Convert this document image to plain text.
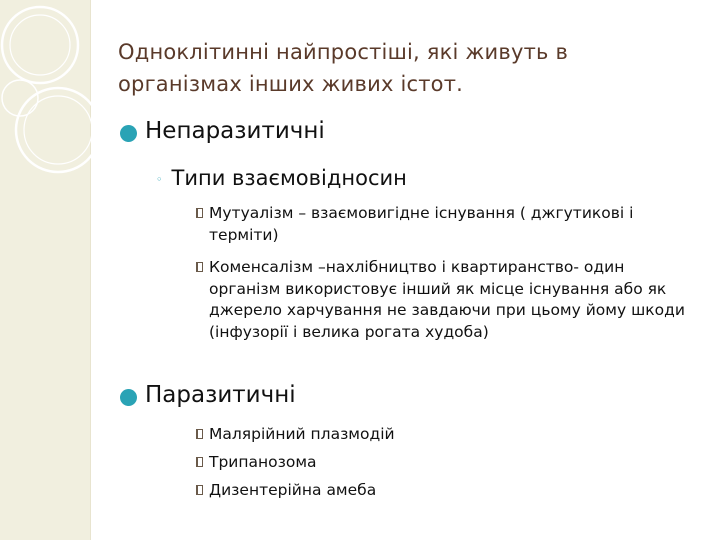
Одноклітинні найпростіші, які живуть в організмах інших живих істот.
Непаразитичні
◦ Типи взаємовідносин
Мутуалізм – взаємовигідне існування ( джгутикові і терміти)
Коменсалізм –нахлібництво і квартиранство- один організм використовує інший як місце існування або як джерело харчування не завдаючи при цьому йому шкоди (інфузорії і велика рогата худоба)
Паразитичні
Малярійний плазмодій
Трипанозома
Дизентерійна амеба
